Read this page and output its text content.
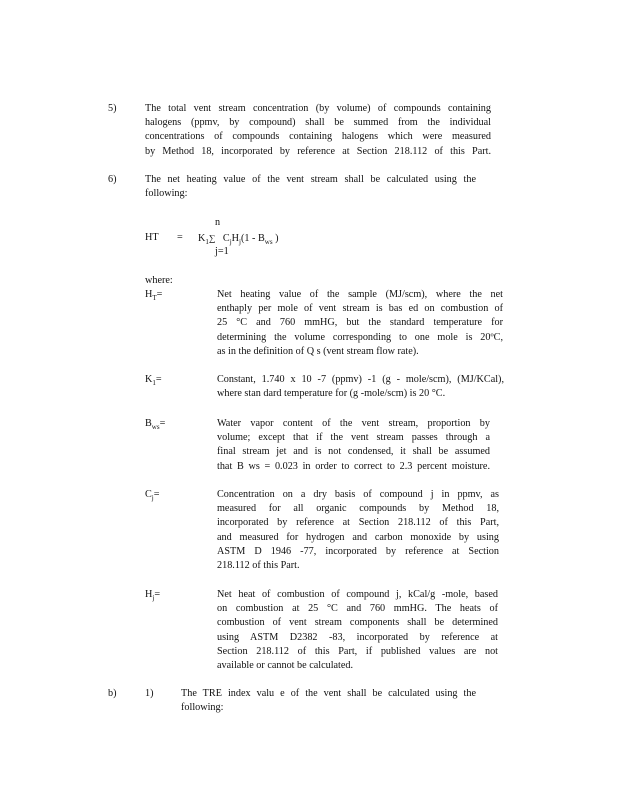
5)	The total vent stream concentration (by volume) of compounds containing
halogens (ppmv, by compound) shall be summed from the individual
concentrations of compounds containing halogens which were measured
by Method 18, incorporated by reference at Section 218.112 of this Part.
6)	The net heating value of the vent stream shall be calculated using the
following:
n
HT = $K_1\sum$ $C_jH_j(1 - B_{ws}$ )
j=1
where:
$H_T=$	Net heating value of the sample (MJ/scm), where the net
enthaply per mole of vent stream is bas ed on combustion of
25 °C and 760 mmHG, but the standard temperature for
determining the volume corresponding to one mole is 20ºC,
as in the definition of Q s (vent stream flow rate).
$K_1=$	Constant, 1.740 x 10 -7 (ppmv) -1 (g - mole/scm), (MJ/KCal),
where stan dard temperature for (g -mole/scm) is 20 °C.
$B_{ws}=$	Water vapor content of the vent stream, proportion by
volume; except that if the vent stream passes through a
final stream jet and is not condensed, it shall be assumed
that B ws = 0.023 in order to correct to 2.3 percent moisture.
$C_j=$	Concentration on a dry basis of compound j in ppmv, as
measured for all organic compounds by Method 18,
incorporated by reference at Section 218.112 of this Part,
and measured for hydrogen and carbon monoxide by using
ASTM D 1946 -77, incorporated by reference at Section
218.112 of this Part.
$H_j=$	Net heat of combustion of compound j, kCal/g -mole, based
on combustion at 25 °C and 760 mmHG. The heats of
combustion of vent stream components shall be determined
using ASTM D2382 -83, incorporated by reference at
Section 218.112 of this Part, if published values are not
available or cannot be calculated.
b)	1)	The TRE index valu e of the vent shall be calculated using the
following:
